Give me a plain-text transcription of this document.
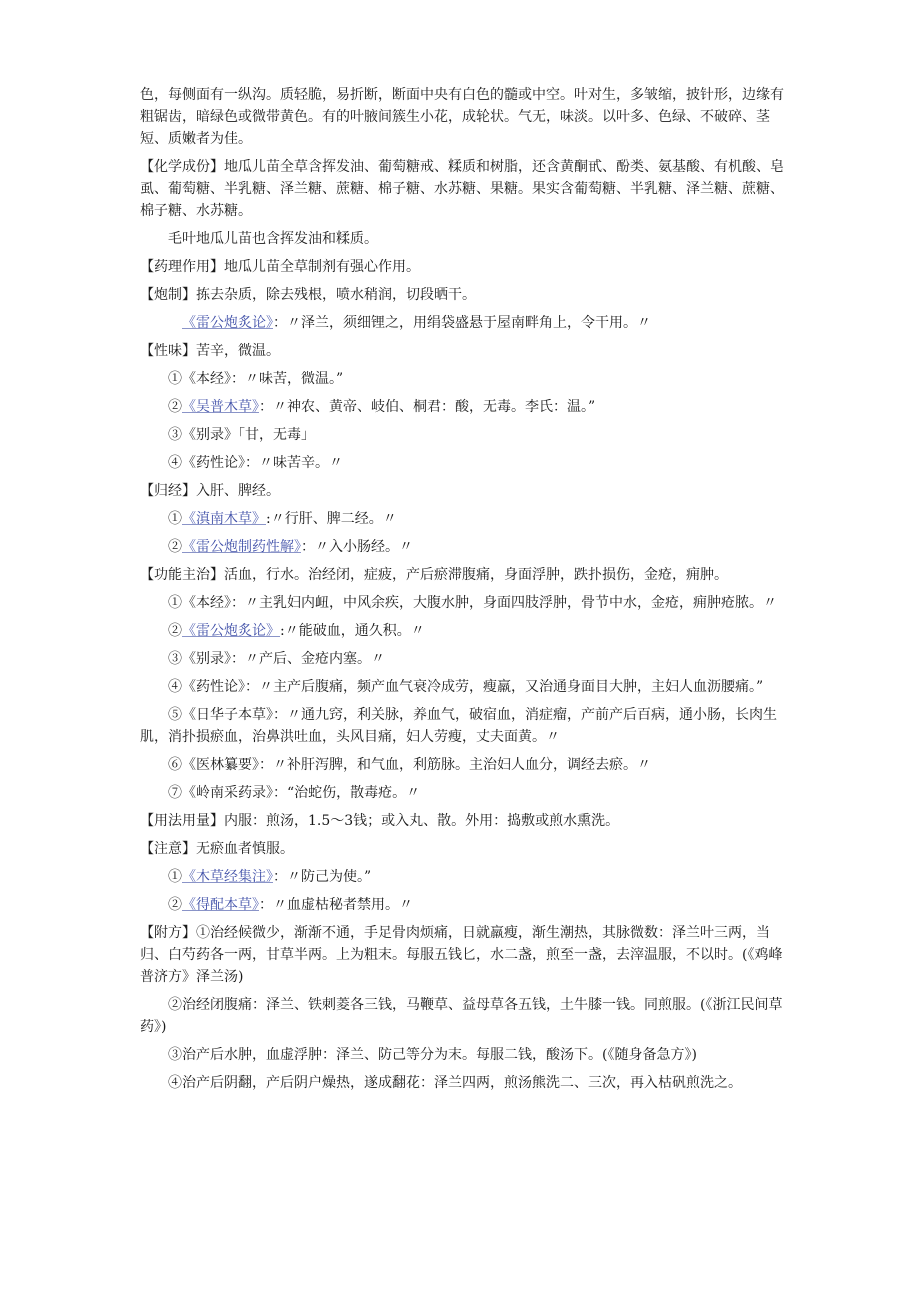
色，每侧面有一纵沟。质轻脆，易折断，断面中央有白色的髓或中空。叶对生，多皱缩，披针形，边缘有粗锯齿，暗绿色或微带黄色。有的叶腋间簇生小花，成轮状。气无，味淡。以叶多、色绿、不破碎、茎短、质嫩者为佳。

【化学成份】地瓜儿苗全草含挥发油、葡萄糖戒、糅质和树脂，还含黄酮甙、酚类、氨基酸、有机酸、皂虱、葡萄糖、半乳糖、泽兰糖、蔗糖、棉子糖、水苏糖、果糖。果实含葡萄糖、半乳糖、泽兰糖、蔗糖、棉子糖、水苏糖。

毛叶地瓜儿苗也含挥发油和糅质。

【药理作用】地瓜儿苗全草制剂有强心作用。

【炮制】拣去杂质，除去残根，喷水稍润，切段晒干。

《雷公炮炙论》：〃泽兰，须细锂之，用绢袋盛悬于屋南畔角上，令干用。〃

【性味】苦辛，微温。

①《本经》：〃味苦，微温。”

②《吴普木草》：〃神农、黄帝、岐伯、桐君：酸，无毒。李氏：温。”

③《别录》「甘，无毒」

④《药性论》：〃味苦辛。〃

【归经】入肝、脾经。

①《滇南木草》:〃行肝、脾二经。〃

②《雷公炮制药性解》：〃入小肠经。〃

【功能主治】活血，行水。治经闭，症疲，产后瘀滞腹痛，身面浮肿，跌扑损伤，金疮，痈肿。

①《本经》：〃主乳妇内衄，中风余疾，大腹水肿，身面四肢浮肿，骨节中水，金疮，痈肿疮脓。〃

②《雷公炮炙论》:〃能破血，通久积。〃

③《别录》：〃产后、金疮内塞。〃

④《药性论》：〃主产后腹痛，频产血气衰冷成劳，瘦羸，又治通身面目大肿，主妇人血沥腰痛。”

⑤《日华子本草》：〃通九窍，利关脉，养血气，破宿血，消症瘤，产前产后百病，通小肠，长肉生肌，消扑损瘀血，治鼻洪吐血，头风目痛，妇人劳瘦，丈夫面黄。〃

⑥《医林纂要》：〃补肝泻脾，和气血，利筋脉。主治妇人血分，调经去瘀。〃

⑦《岭南采药录》：“治蛇伤，散毒疮。〃

【用法用量】内服：煎汤，1.5〜3钱；或入丸、散。外用：捣敷或煎水熏洗。

【注意】无瘀血者慎服。

①《木草经集注》：〃防己为使。”

②《得配本草》：〃血虚枯秘者禁用。〃

【附方】①治经候微少，渐渐不通，手足骨肉烦痛，日就羸瘦，渐生潮热，其脉微数：泽兰叶三两，当归、白芍药各一两，甘草半两。上为粗末。每服五钱匕，水二盏，煎至一盏，去滓温服，不以时。(《鸡峰普济方》泽兰汤)

②治经闭腹痛：泽兰、铁刺菱各三钱，马鞭草、益母草各五钱，土牛膝一钱。同煎服。(《浙江民间草药》)

③治产后水肿，血虚浮肿：泽兰、防己等分为末。每服二钱，酸汤下。(《随身备急方》)

④治产后阴翻，产后阴户燥热，遂成翻花：泽兰四两，煎汤熊洗二、三次，再入枯矾煎洗之。
